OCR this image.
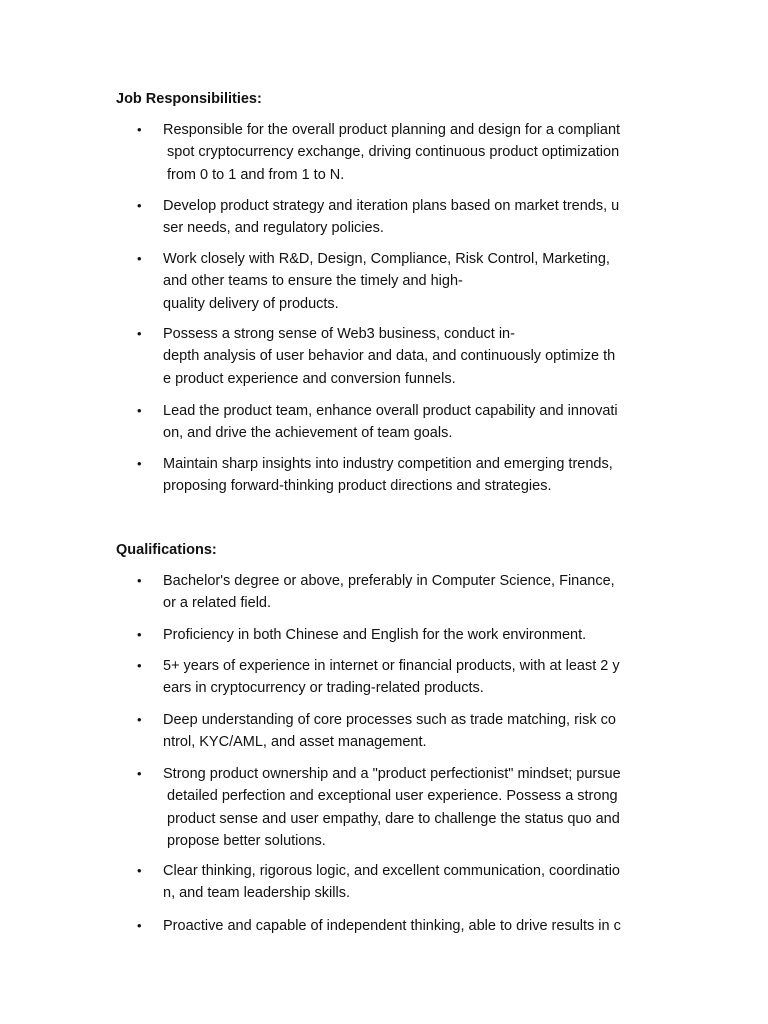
Job Responsibilities:
•	Responsible for the overall product planning and design for a compliant
spot cryptocurrency exchange, driving continuous product optimization
from 0 to 1 and from 1 to N.
•	Develop product strategy and iteration plans based on market trends, u
ser needs, and regulatory policies.
•	Work closely with R&D, Design, Compliance, Risk Control, Marketing,
and other teams to ensure the timely and high-
quality delivery of products.
•	Possess a strong sense of Web3 business, conduct in-
depth analysis of user behavior and data, and continuously optimize th
e product experience and conversion funnels.
•	Lead the product team, enhance overall product capability and innovati
on, and drive the achievement of team goals.
•	Maintain sharp insights into industry competition and emerging trends,
proposing forward-thinking product directions and strategies.
Qualifications:
•	Bachelor's degree or above, preferably in Computer Science, Finance,
or a related field.
•	Proficiency in both Chinese and English for the work environment.
•	5+ years of experience in internet or financial products, with at least 2 y
ears in cryptocurrency or trading-related products.
•	Deep understanding of core processes such as trade matching, risk co
ntrol, KYC/AML, and asset management.
•	Strong product ownership and a "product perfectionist" mindset; pursue
detailed perfection and exceptional user experience. Possess a strong
product sense and user empathy, dare to challenge the status quo and
propose better solutions.
•	Clear thinking, rigorous logic, and excellent communication, coordinatio
n, and team leadership skills.
•	Proactive and capable of independent thinking, able to drive results in c
